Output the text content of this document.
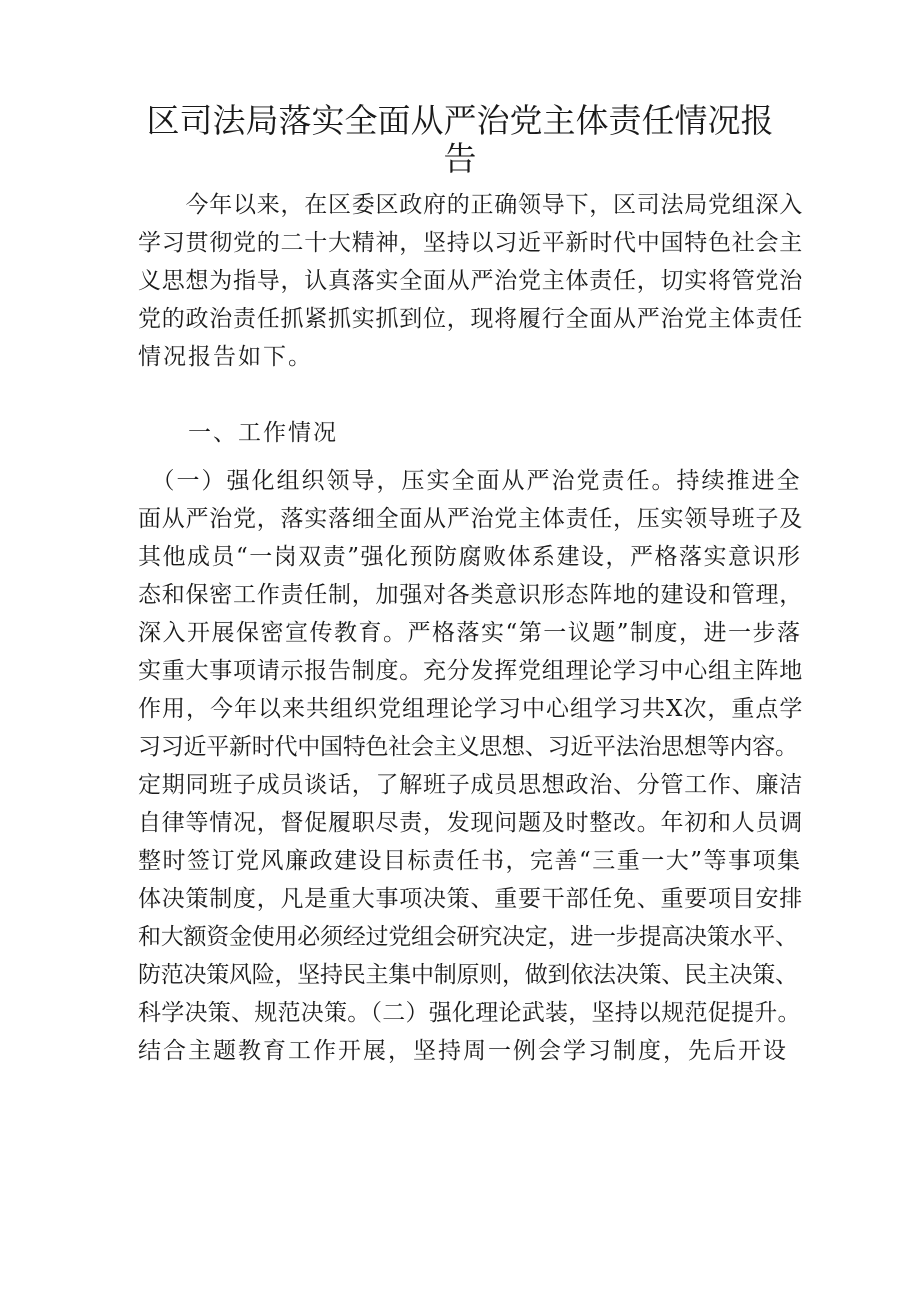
区司法局落实全面从严治党主体责任情况报
告
　　今年以来，在区委区政府的正确领导下，区司法局党组深入
学习贯彻党的二十大精神，坚持以习近平新时代中国特色社会主
义思想为指导，认真落实全面从严治党主体责任，切实将管党治
党的政治责任抓紧抓实抓到位，现将履行全面从严治党主体责任
情况报告如下。
　　一、工作情况
　（一）强化组织领导，压实全面从严治党责任。持续推进全
面从严治党，落实落细全面从严治党主体责任，压实领导班子及
其他成员“一岗双责”强化预防腐败体系建设，严格落实意识形
态和保密工作责任制，加强对各类意识形态阵地的建设和管理，
深入开展保密宣传教育。严格落实“第一议题”制度，进一步落
实重大事项请示报告制度。充分发挥党组理论学习中心组主阵地
作用，今年以来共组织党组理论学习中心组学习共X次，重点学
习习近平新时代中国特色社会主义思想、习近平法治思想等内容。
定期同班子成员谈话，了解班子成员思想政治、分管工作、廉洁
自律等情况，督促履职尽责，发现问题及时整改。年初和人员调
整时签订党风廉政建设目标责任书，完善“三重一大”等事项集
体决策制度，凡是重大事项决策、重要干部任免、重要项目安排
和大额资金使用必须经过党组会研究决定，进一步提高决策水平、
防范决策风险，坚持民主集中制原则，做到依法决策、民主决策、
科学决策、规范决策。（二）强化理论武装，坚持以规范促提升。
结合主题教育工作开展，坚持周一例会学习制度，先后开设
